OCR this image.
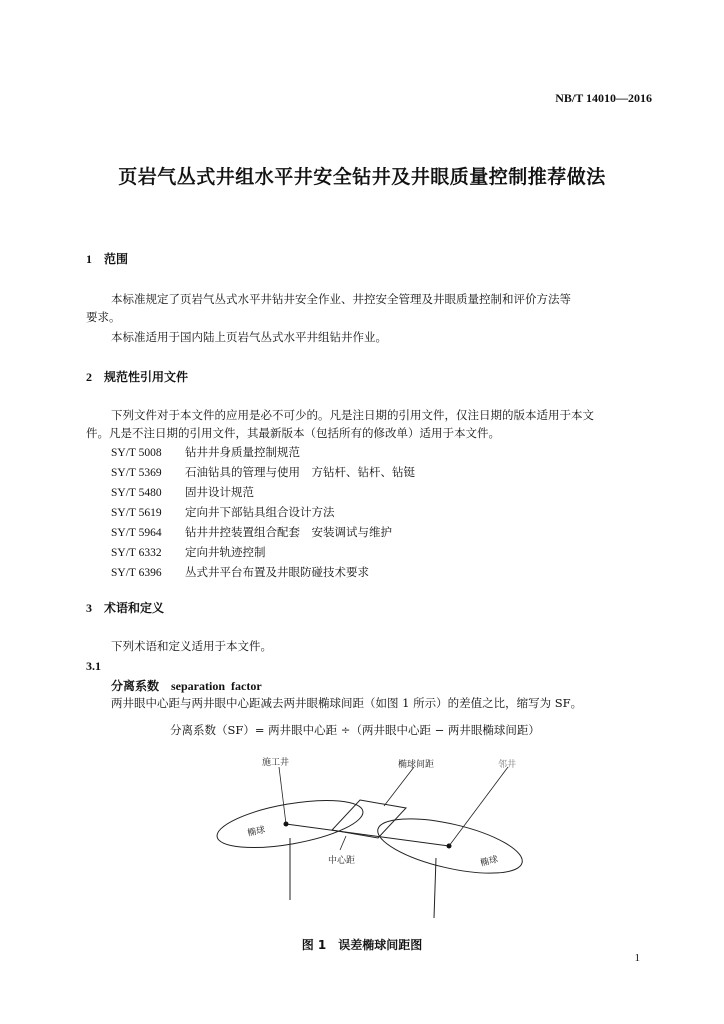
NB/T 14010—2016
页岩气丛式井组水平井安全钻井及井眼质量控制推荐做法
1 范围
本标准规定了页岩气丛式水平井钻井安全作业、井控安全管理及井眼质量控制和评价方法等
要求。
本标准适用于国内陆上页岩气丛式水平井组钻井作业。
2 规范性引用文件
下列文件对于本文件的应用是必不可少的。凡是注日期的引用文件，仅注日期的版本适用于本文
件。凡是不注日期的引用文件，其最新版本（包括所有的修改单）适用于本文件。
SY/T 5008 钻井井身质量控制规范
SY/T 5369 石油钻具的管理与使用　方钻杆、钻杆、钻铤
SY/T 5480 固井设计规范
SY/T 5619 定向井下部钻具组合设计方法
SY/T 5964 钻井井控装置组合配套　安装调试与维护
SY/T 6332 定向井轨迹控制
SY/T 6396 丛式井平台布置及井眼防碰技术要求
3 术语和定义
下列术语和定义适用于本文件。
3.1
分离系数 separation factor
两井眼中心距与两井眼中心距减去两井眼椭球间距（如图 1 所示）的差值之比，缩写为 SF。
分离系数（SF）= 两井眼中心距 ÷（两井眼中心距 − 两井眼椭球间距）
施工井	椭球间距	邻井
椭球
椭球
中心距
图 1　误差椭球间距图
1
